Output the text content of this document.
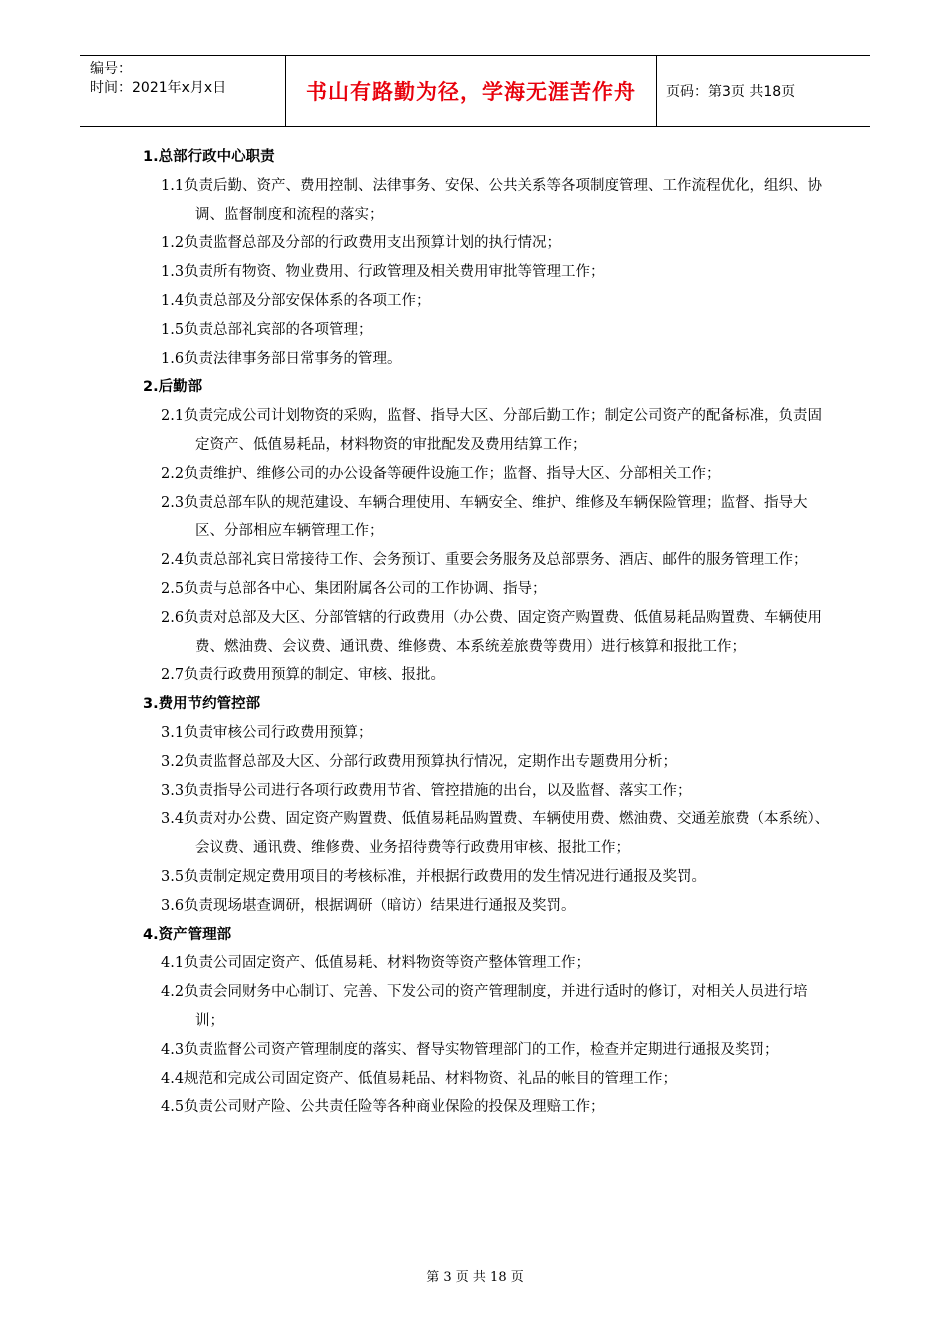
编号：
时间：2021年x月x日	书山有路勤为径，学海无涯苦作舟	页码：第3页 共18页
1.总部行政中心职责
1.1负责后勤、资产、费用控制、法律事务、安保、公共关系等各项制度管理、工作流程优化，组织、协调、监督制度和流程的落实；
1.2负责监督总部及分部的行政费用支出预算计划的执行情况；
1.3负责所有物资、物业费用、行政管理及相关费用审批等管理工作；
1.4负责总部及分部安保体系的各项工作；
1.5负责总部礼宾部的各项管理；
1.6负责法律事务部日常事务的管理。
2.后勤部
2.1负责完成公司计划物资的采购，监督、指导大区、分部后勤工作；制定公司资产的配备标准，负责固定资产、低值易耗品，材料物资的审批配发及费用结算工作；
2.2负责维护、维修公司的办公设备等硬件设施工作；监督、指导大区、分部相关工作；
2.3负责总部车队的规范建设、车辆合理使用、车辆安全、维护、维修及车辆保险管理；监督、指导大区、分部相应车辆管理工作；
2.4负责总部礼宾日常接待工作、会务预订、重要会务服务及总部票务、酒店、邮件的服务管理工作；
2.5负责与总部各中心、集团附属各公司的工作协调、指导；
2.6负责对总部及大区、分部管辖的行政费用（办公费、固定资产购置费、低值易耗品购置费、车辆使用费、燃油费、会议费、通讯费、维修费、本系统差旅费等费用）进行核算和报批工作；
2.7负责行政费用预算的制定、审核、报批。
3.费用节约管控部
3.1负责审核公司行政费用预算；
3.2负责监督总部及大区、分部行政费用预算执行情况，定期作出专题费用分析；
3.3负责指导公司进行各项行政费用节省、管控措施的出台，以及监督、落实工作；
3.4负责对办公费、固定资产购置费、低值易耗品购置费、车辆使用费、燃油费、交通差旅费（本系统）、会议费、通讯费、维修费、业务招待费等行政费用审核、报批工作；
3.5负责制定规定费用项目的考核标准，并根据行政费用的发生情况进行通报及奖罚。
3.6负责现场堪查调研，根据调研（暗访）结果进行通报及奖罚。
4.资产管理部
4.1负责公司固定资产、低值易耗、材料物资等资产整体管理工作；
4.2负责会同财务中心制订、完善、下发公司的资产管理制度，并进行适时的修订，对相关人员进行培训；
4.3负责监督公司资产管理制度的落实、督导实物管理部门的工作，检查并定期进行通报及奖罚；
4.4规范和完成公司固定资产、低值易耗品、材料物资、礼品的帐目的管理工作；
4.5负责公司财产险、公共责任险等各种商业保险的投保及理赔工作；
第 3 页 共 18 页
